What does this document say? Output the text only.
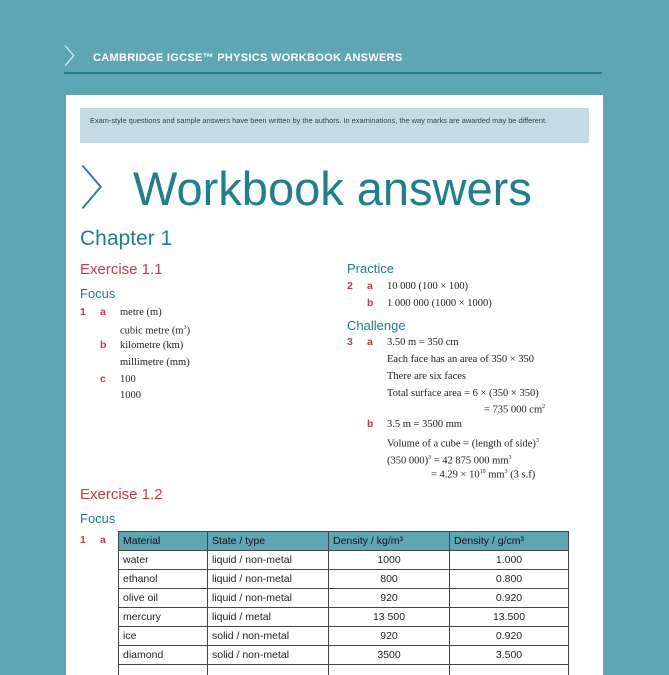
〉 CAMBRIDGE IGCSE™ PHYSICS WORKBOOK ANSWERS
Exam-style questions and sample answers have been written by the authors. In examinations, the way marks are awarded may be different.
〉 Workbook answers
Chapter 1
Exercise 1.1
Focus
1 a metre (m)
cubic metre $(m^3)$
b kilometre (km)
millimetre (mm)
c 100
1000
Practice
2 a 10 000 (100 × 100)
b 1 000 000 (1000 × 1000)
Challenge
3 a 3.50 m = 350 cm
Each face has an area of 350 × 350
There are six faces
Total surface area = 6 × (350 × 350)
= 735 000 $cm^2$
b 3.5 m = 3500 mm
Volume of a cube = (length of side)$^3$
(350 000)$^3$ = 42 875 000 $mm^3$
= $4.29 \times 10^{10}$ $mm^3$ (3 s.f)
Exercise 1.2
Focus
1 a Material	State / type	Density / kg/m³	Density / g/cm³
water	liquid / non-metal	1000	1.000
ethanol	liquid / non-metal	800	0.800
olive oil	liquid / non-metal	920	0.920
mercury	liquid / metal	13 500	13.500
ice	solid / non-metal	920	0.920
diamond	solid / non-metal	3500	3.500
